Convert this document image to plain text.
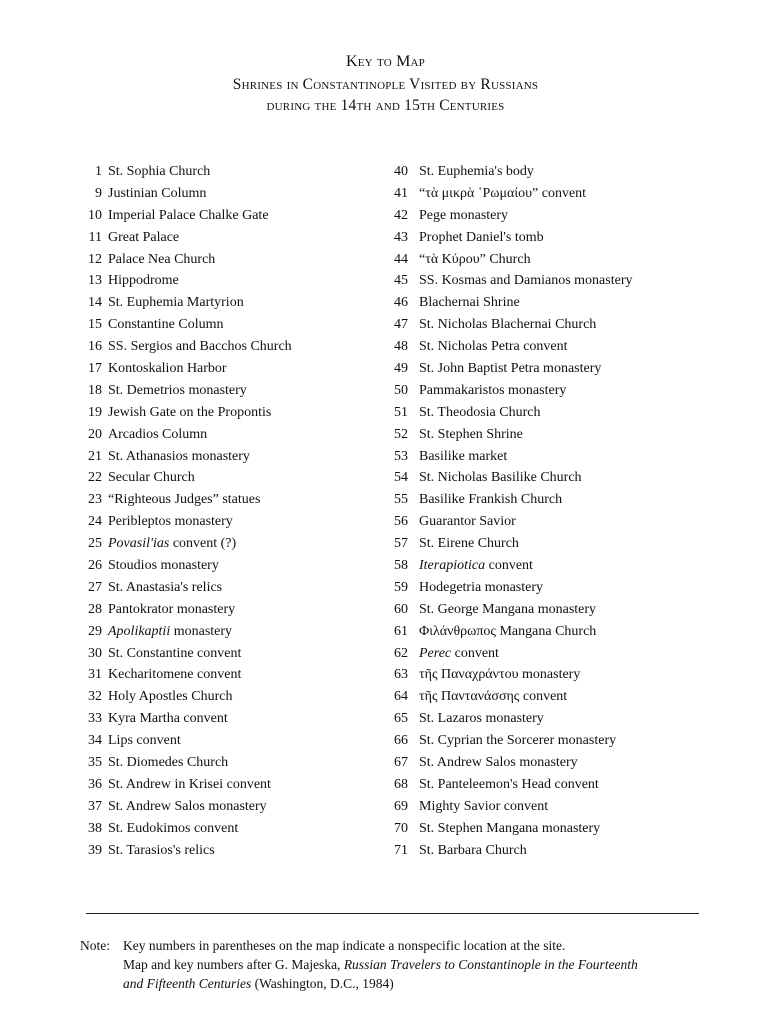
Key to Map
Shrines in Constantinople Visited by Russians
during the 14th and 15th Centuries
1 St. Sophia Church
9 Justinian Column
10 Imperial Palace Chalke Gate
11 Great Palace
12 Palace Nea Church
13 Hippodrome
14 St. Euphemia Martyrion
15 Constantine Column
16 SS. Sergios and Bacchos Church
17 Kontoskalion Harbor
18 St. Demetrios monastery
19 Jewish Gate on the Propontis
20 Arcadios Column
21 St. Athanasios monastery
22 Secular Church
23 “Righteous Judges” statues
24 Peribleptos monastery
25 Povasil'ias convent (?)
26 Stoudios monastery
27 St. Anastasia's relics
28 Pantokrator monastery
29 Apolikaptii monastery
30 St. Constantine convent
31 Kecharitomene convent
32 Holy Apostles Church
33 Kyra Martha convent
34 Lips convent
35 St. Diomedes Church
36 St. Andrew in Krisei convent
37 St. Andrew Salos monastery
38 St. Eudokimos convent
39 St. Tarasios's relics
40 St. Euphemia's body
41 “τὰ μικρὰ ῾Ρωμαίου” convent
42 Pege monastery
43 Prophet Daniel's tomb
44 “τὰ Κύρου” Church
45 SS. Kosmas and Damianos monastery
46 Blachernai Shrine
47 St. Nicholas Blachernai Church
48 St. Nicholas Petra convent
49 St. John Baptist Petra monastery
50 Pammakaristos monastery
51 St. Theodosia Church
52 St. Stephen Shrine
53 Basilike market
54 St. Nicholas Basilike Church
55 Basilike Frankish Church
56 Guarantor Savior
57 St. Eirene Church
58 Iterapiotica convent
59 Hodegetria monastery
60 St. George Mangana monastery
61 Φιλάνθρωπος Mangana Church
62 Perec convent
63 τῆς Παναχράντου monastery
64 τῆς Παντανάσσης convent
65 St. Lazaros monastery
66 St. Cyprian the Sorcerer monastery
67 St. Andrew Salos monastery
68 St. Panteleemon's Head convent
69 Mighty Savior convent
70 St. Stephen Mangana monastery
71 St. Barbara Church
Note: Key numbers in parentheses on the map indicate a nonspecific location at the site.
Map and key numbers after G. Majeska, Russian Travelers to Constantinople in the Fourteenth
and Fifteenth Centuries (Washington, D.C., 1984)
